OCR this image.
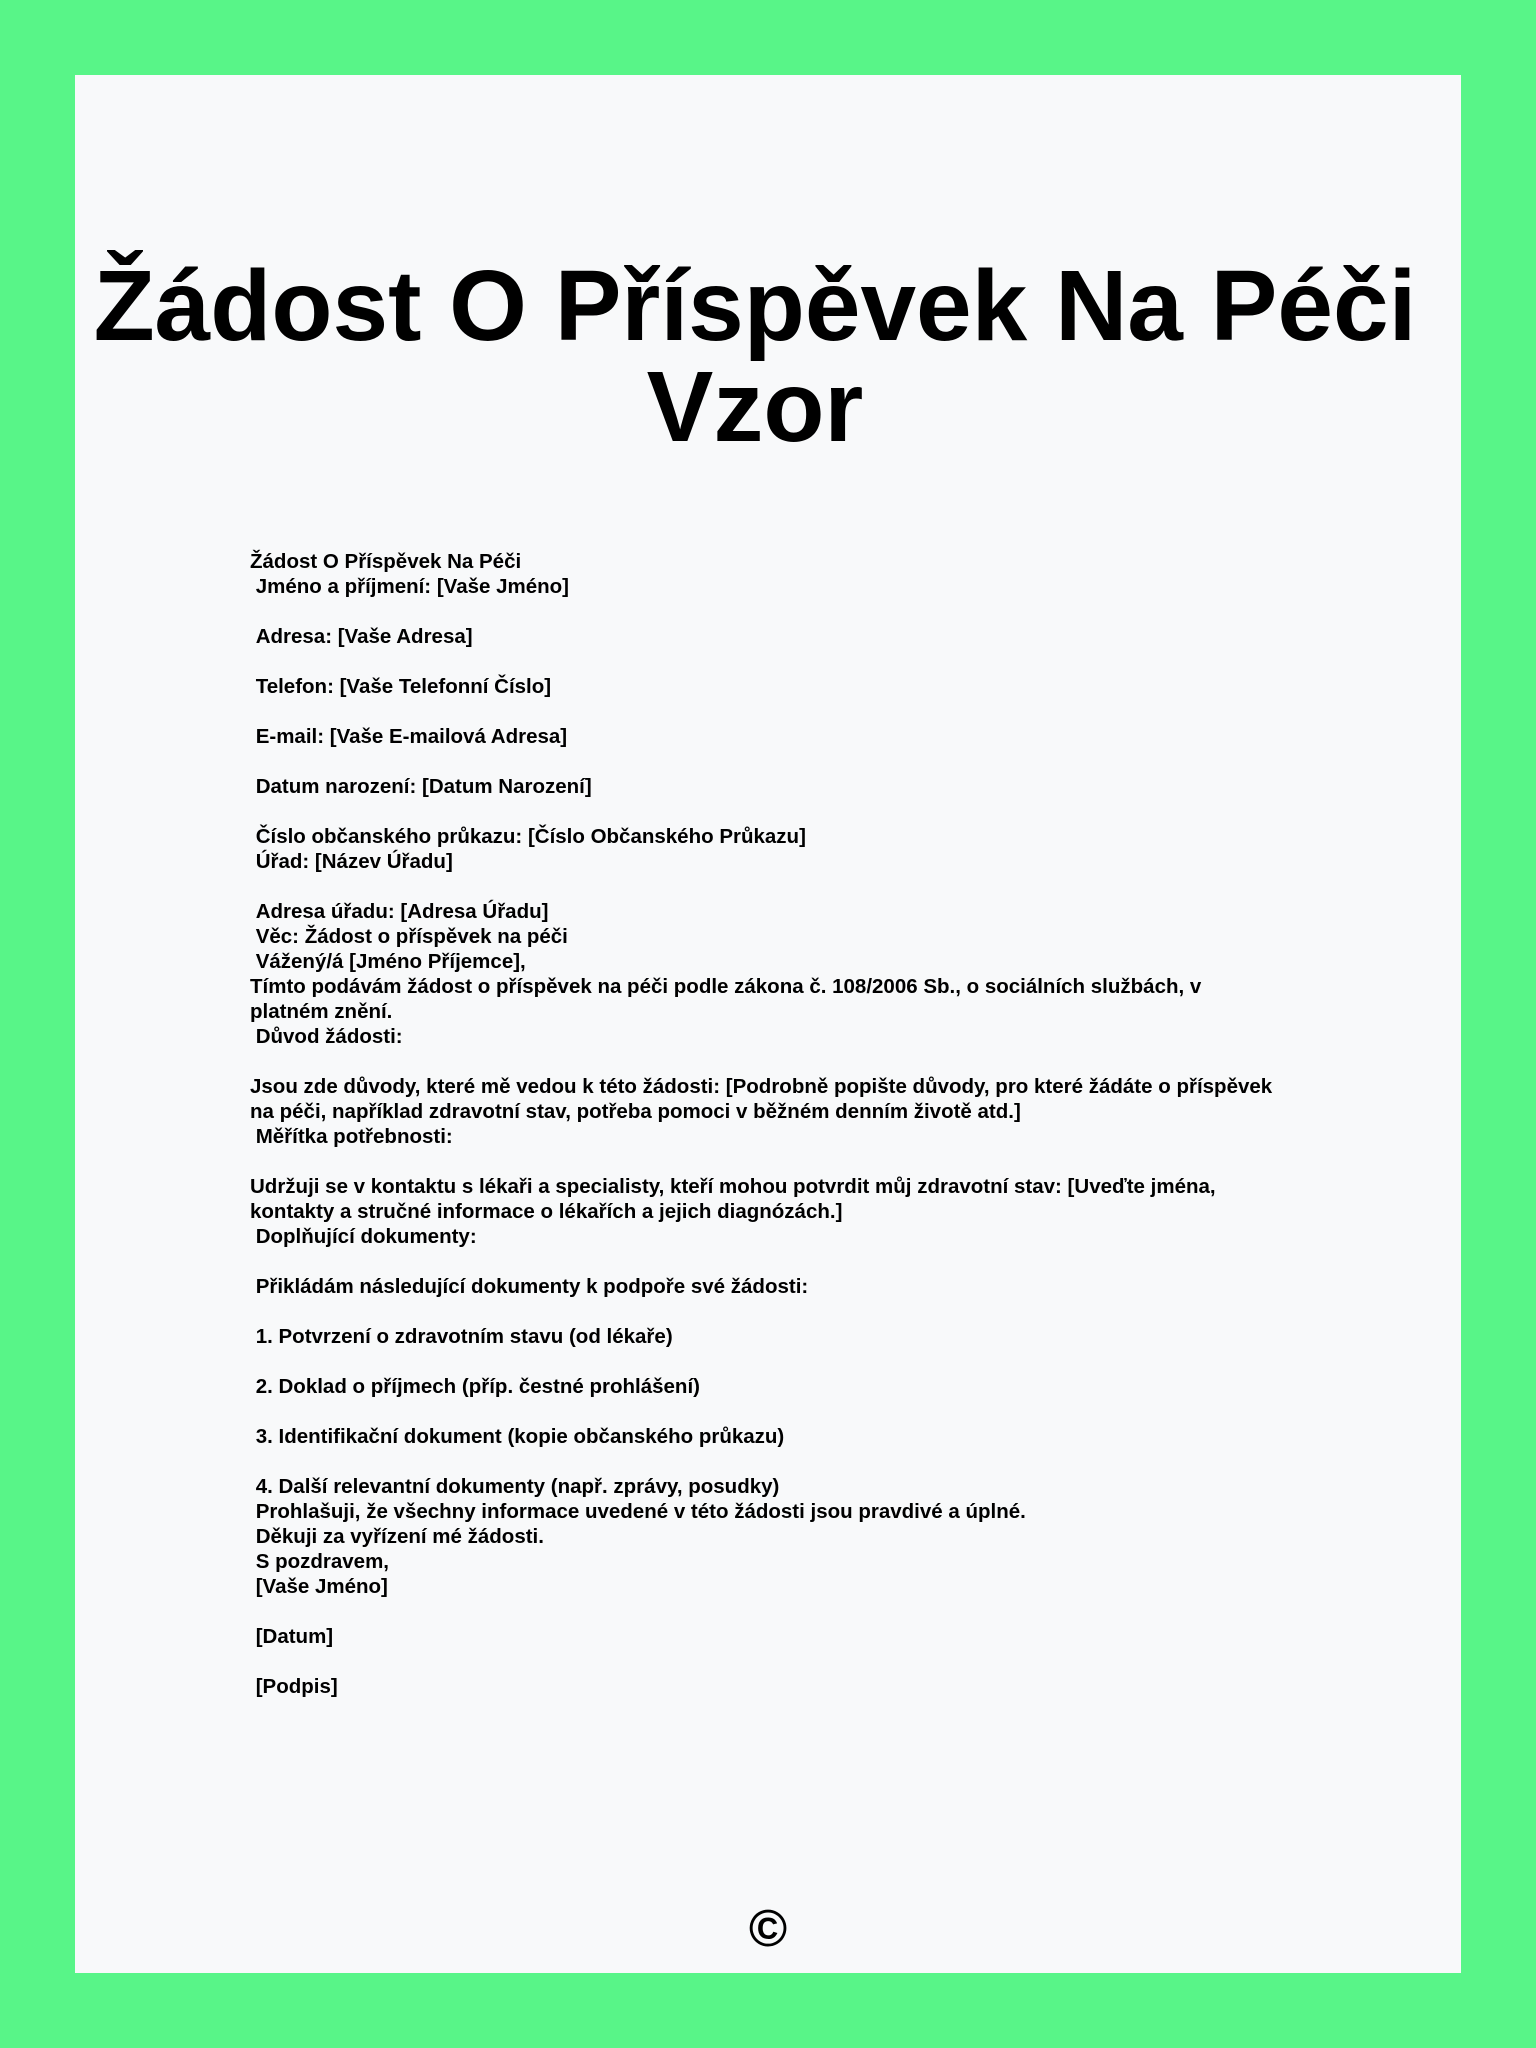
Žádost O Příspěvek Na Péči
Vzor
Žádost O Příspěvek Na Péči
Jméno a příjmení: [Vaše Jméno]
Adresa: [Vaše Adresa]
Telefon: [Vaše Telefonní Číslo]
E-mail: [Vaše E-mailová Adresa]
Datum narození: [Datum Narození]
Číslo občanského průkazu: [Číslo Občanského Průkazu]
Úřad: [Název Úřadu]
Adresa úřadu: [Adresa Úřadu]
Věc: Žádost o příspěvek na péči
Vážený/á [Jméno Příjemce],
Tímto podávám žádost o příspěvek na péči podle zákona č. 108/2006 Sb., o sociálních službách, v platném znění.
Důvod žádosti:
Jsou zde důvody, které mě vedou k této žádosti: [Podrobně popište důvody, pro které žádáte o příspěvek na péči, například zdravotní stav, potřeba pomoci v běžném denním životě atd.]
Měřítka potřebnosti:
Udržuji se v kontaktu s lékaři a specialisty, kteří mohou potvrdit můj zdravotní stav: [Uveďte jména, kontakty a stručné informace o lékařích a jejich diagnózách.]
Doplňující dokumenty:
Přikládám následující dokumenty k podpoře své žádosti:
1. Potvrzení o zdravotním stavu (od lékaře)
2. Doklad o příjmech (příp. čestné prohlášení)
3. Identifikační dokument (kopie občanského průkazu)
4. Další relevantní dokumenty (např. zprávy, posudky)
Prohlašuji, že všechny informace uvedené v této žádosti jsou pravdivé a úplné.
Děkuji za vyřízení mé žádosti.
S pozdravem,
[Vaše Jméno]
[Datum]
[Podpis]
©
